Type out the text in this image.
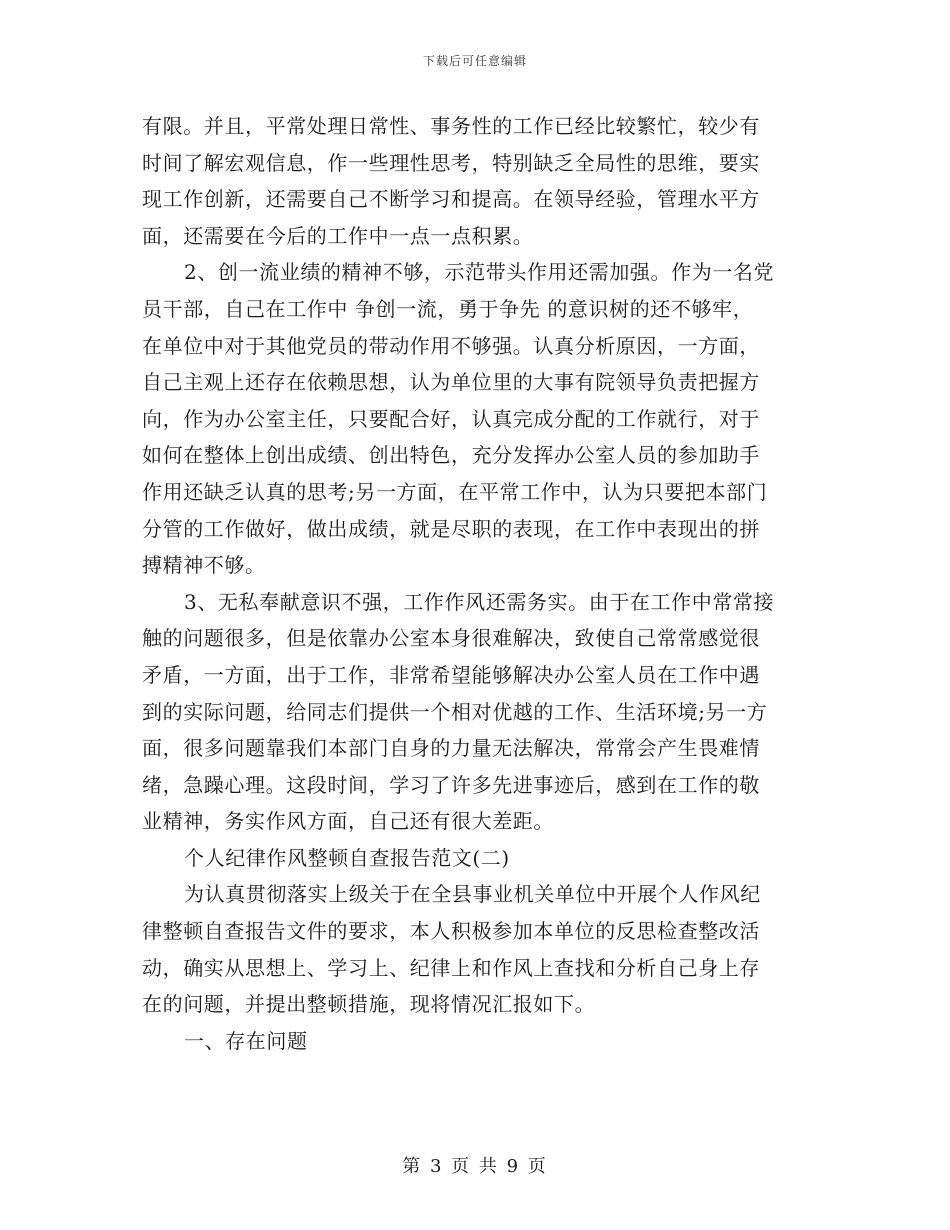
下载后可任意编辑
有限。并且，平常处理日常性、事务性的工作已经比较繁忙，较少有
时间了解宏观信息，作一些理性思考，特别缺乏全局性的思维，要实
现工作创新，还需要自己不断学习和提高。在领导经验，管理水平方
面，还需要在今后的工作中一点一点积累。
2、创一流业绩的精神不够，示范带头作用还需加强。作为一名党
员干部，自己在工作中 争创一流，勇于争先 的意识树的还不够牢，
在单位中对于其他党员的带动作用不够强。认真分析原因，一方面，
自己主观上还存在依赖思想，认为单位里的大事有院领导负责把握方
向，作为办公室主任，只要配合好，认真完成分配的工作就行，对于
如何在整体上创出成绩、创出特色，充分发挥办公室人员的参加助手
作用还缺乏认真的思考;另一方面，在平常工作中，认为只要把本部门
分管的工作做好，做出成绩，就是尽职的表现，在工作中表现出的拼
搏精神不够。
3、无私奉献意识不强，工作作风还需务实。由于在工作中常常接
触的问题很多，但是依靠办公室本身很难解决，致使自己常常感觉很
矛盾，一方面，出于工作，非常希望能够解决办公室人员在工作中遇
到的实际问题，给同志们提供一个相对优越的工作、生活环境;另一方
面，很多问题靠我们本部门自身的力量无法解决，常常会产生畏难情
绪，急躁心理。这段时间，学习了许多先进事迹后，感到在工作的敬
业精神，务实作风方面，自己还有很大差距。
个人纪律作风整顿自查报告范文(二)
为认真贯彻落实上级关于在全县事业机关单位中开展个人作风纪
律整顿自查报告文件的要求，本人积极参加本单位的反思检查整改活
动，确实从思想上、学习上、纪律上和作风上查找和分析自己身上存
在的问题，并提出整顿措施，现将情况汇报如下。
一、存在问题
第 3 页 共 9 页
